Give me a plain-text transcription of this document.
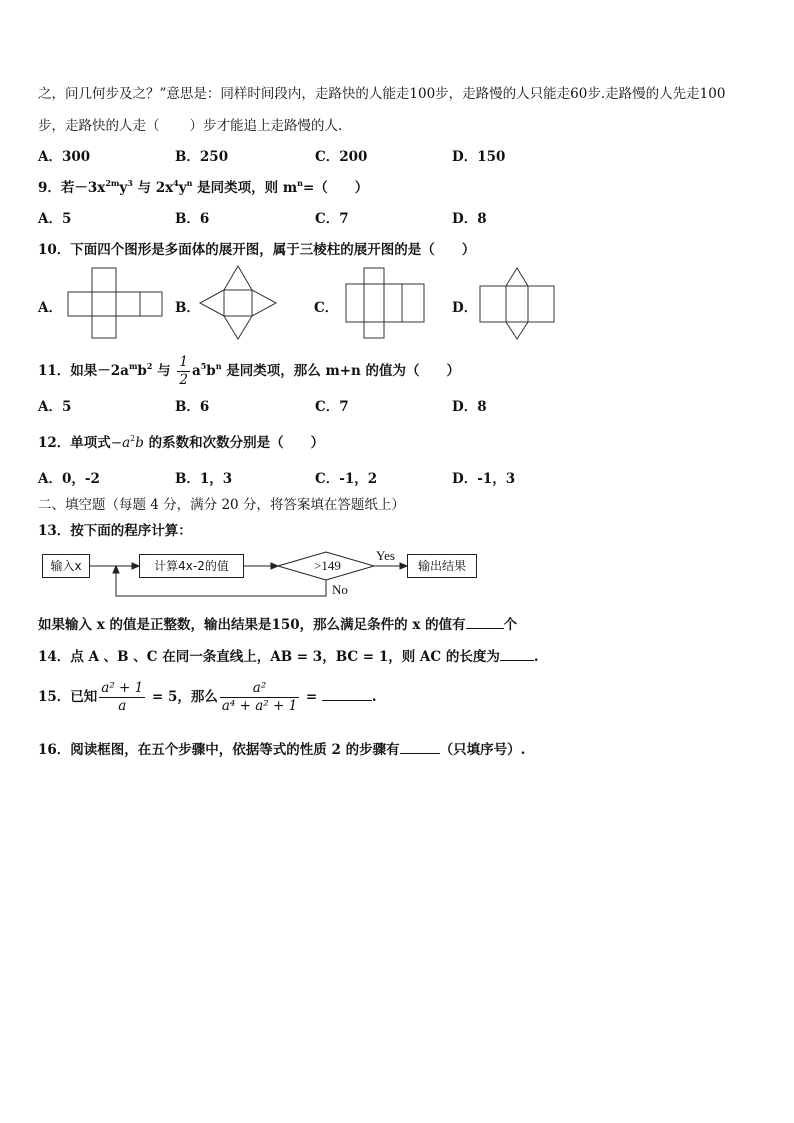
之，问几何步及之？”意思是：同样时间段内，走路快的人能走100步，走路慢的人只能走60步.走路慢的人先走100
步，走路快的人走（ ）步才能追上走路慢的人.
A．300	B．250	C．200	D．150
9．若$-3x^{2m}y^3$ 与 $2x^4y^n$ 是同类项，则 $m^n=$（　　）
A．5	B．6	C．7	D．8
10．下面四个图形是多面体的展开图，属于三棱柱的展开图的是（　　）
A．	B．	C．	D．
11．如果$-2a^mb^2$ 与 $\frac{1}{2} a^5b^n$ 是同类项，那么 m+n 的值为（　　）
A．5	B．6	C．7	D．8
12．单项式$-a^2b$ 的系数和次数分别是（　　）
A．0，-2	B．1，3	C．-1，2	D．-1，3
二、填空题（每题 4 分，满分 20 分，将答案填在答题纸上）
13．按下面的程序计算：
输入x	计算4x-2的值	>149
Yes
No
输出结果
如果输入 x 的值是正整数，输出结果是150，那么满足条件的 x 的值有	个
14．点 A 、B 、C 在同一条直线上，AB = 3，BC = 1，则 AC 的长度为	.
15．已知 $\frac{\text{a² + 1}}{a} = 5$，那么 $\frac{\text{a²}}{\text{a⁴ + a² + 1}}$ =	.
16．阅读框图，在五个步骤中，依据等式的性质 2 的步骤有	（只填序号）.
